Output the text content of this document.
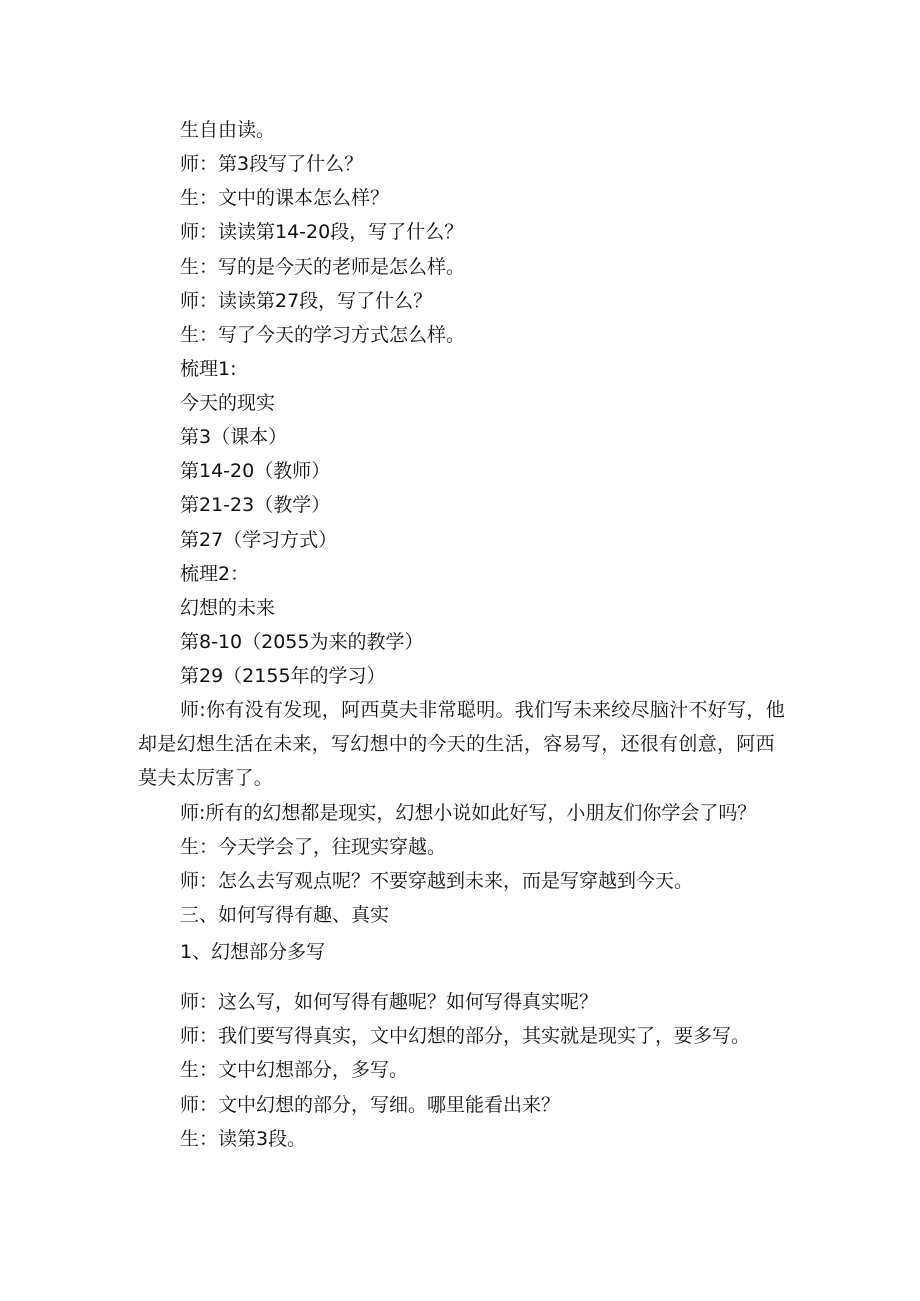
生自由读。
师：第3段写了什么？
生：文中的课本怎么样？
师：读读第14-20段，写了什么？
生：写的是今天的老师是怎么样。
师：读读第27段，写了什么？
生：写了今天的学习方式怎么样。
梳理1:
今天的现实
第3（课本）
第14-20（教师）
第21-23（教学）
第27（学习方式）
梳理2：
幻想的未来
第8-10（2055为来的教学）
第29（2155年的学习）
师:你有没有发现，阿西莫夫非常聪明。我们写未来绞尽脑汁不好写，他却是幻想生活在未来，写幻想中的今天的生活，容易写，还很有创意，阿西莫夫太厉害了。
师:所有的幻想都是现实，幻想小说如此好写，小朋友们你学会了吗？
生：今天学会了，往现实穿越。
师：怎么去写观点呢？不要穿越到未来，而是写穿越到今天。
三、如何写得有趣、真实
1、幻想部分多写
师：这么写，如何写得有趣呢？如何写得真实呢？
师：我们要写得真实，文中幻想的部分，其实就是现实了，要多写。
生：文中幻想部分，多写。
师：文中幻想的部分，写细。哪里能看出来？
生：读第3段。
